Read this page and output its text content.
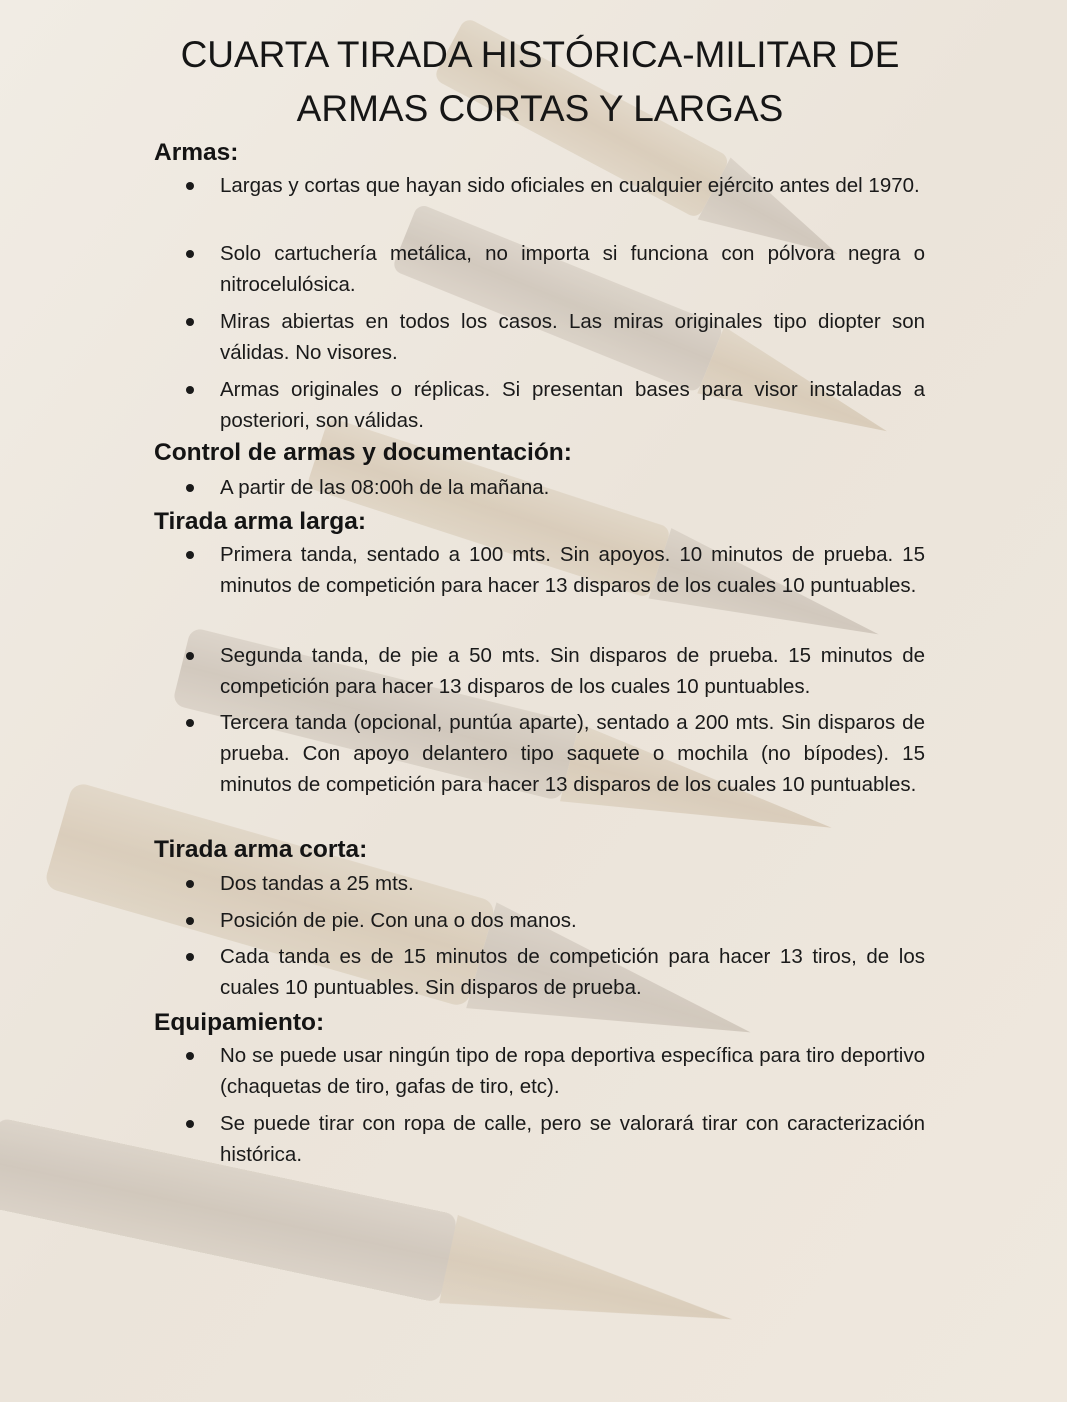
CUARTA TIRADA HISTÓRICA-MILITAR DE
ARMAS CORTAS Y LARGAS
Armas:
Largas y cortas que hayan sido oficiales en cualquier ejército antes del 1970.
Solo cartuchería metálica, no importa si funciona con pólvora negra o nitrocelulósica.
Miras abiertas en todos los casos. Las miras originales tipo diopter son válidas. No visores.
Armas originales o réplicas. Si presentan bases para visor instaladas a posteriori, son válidas.
Control de armas y documentación:
A partir de las 08:00h de la mañana.
Tirada arma larga:
Primera tanda, sentado a 100 mts. Sin apoyos. 10 minutos de prueba. 15 minutos de competición para hacer 13 disparos de los cuales 10 puntuables.
Segunda tanda, de pie a 50 mts. Sin disparos de prueba. 15 minutos de competición para hacer 13 disparos de los cuales 10 puntuables.
Tercera tanda (opcional, puntúa aparte), sentado a 200 mts. Sin disparos de prueba. Con apoyo delantero tipo saquete o mochila (no bípodes). 15 minutos de competición para hacer 13 disparos de los cuales 10 puntuables.
Tirada arma corta:
Dos tandas a 25 mts.
Posición de pie. Con una o dos manos.
Cada tanda es de 15 minutos de competición para hacer 13 tiros, de los cuales 10 puntuables. Sin disparos de prueba.
Equipamiento:
No se puede usar ningún tipo de ropa deportiva específica para tiro deportivo (chaquetas de tiro, gafas de tiro, etc).
Se puede tirar con ropa de calle, pero se valorará tirar con caracterización histórica.
